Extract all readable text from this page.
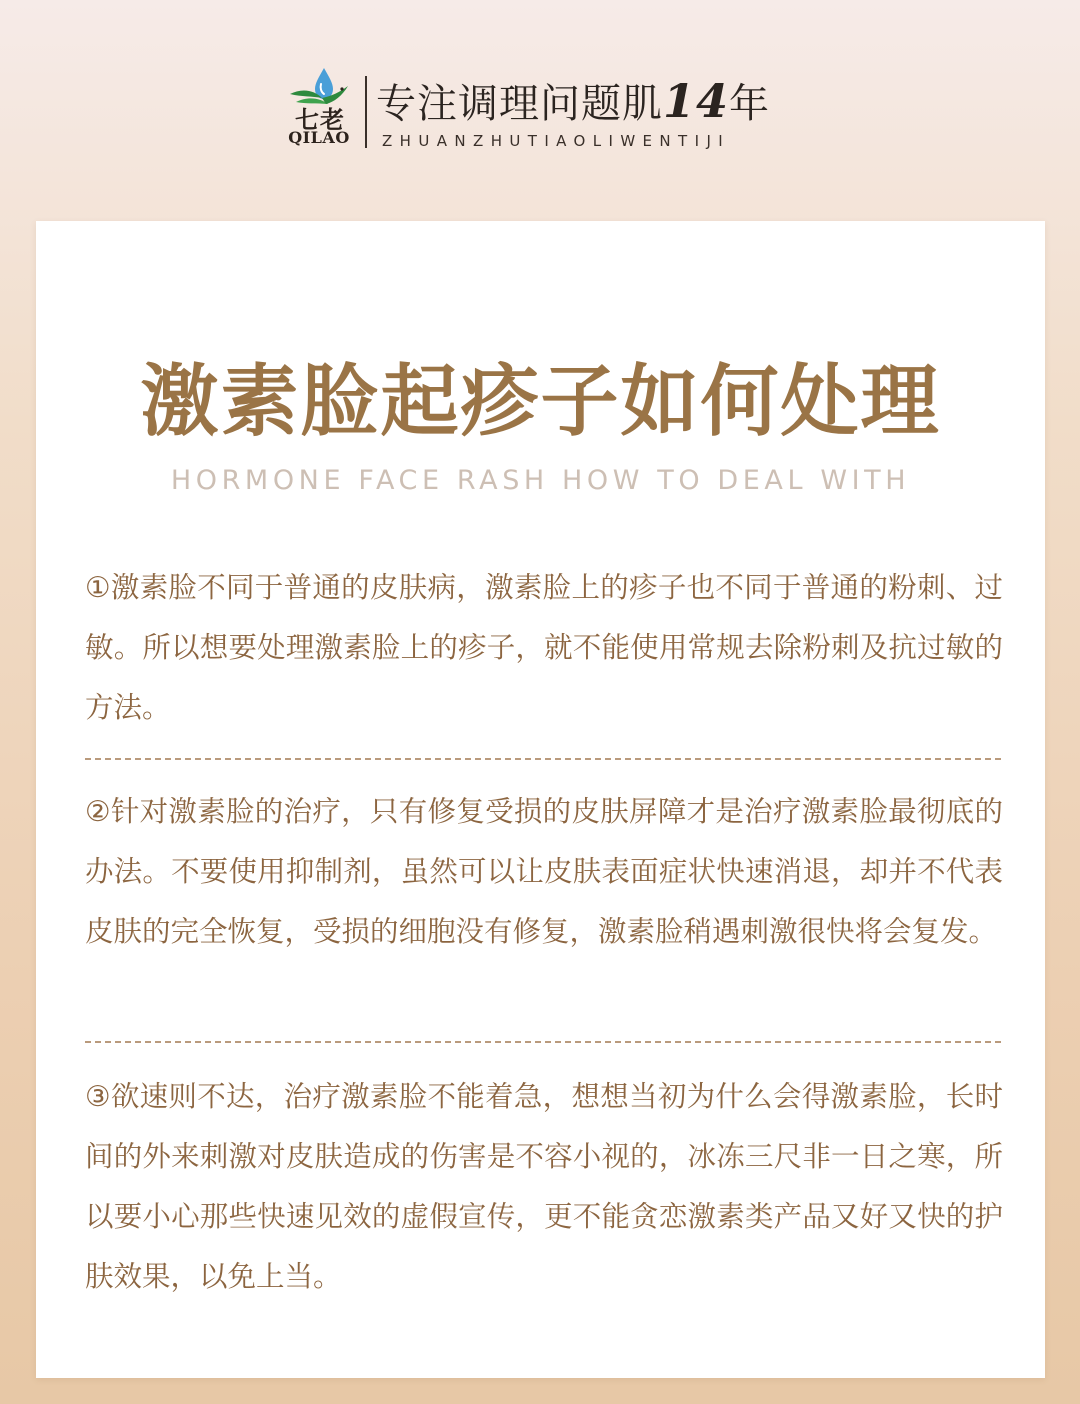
七老
QILAO
专注调理问题肌14年
ZHUANZHUTIAOLIWENTIJI
激素脸起疹子如何处理
HORMONE FACE RASH HOW TO DEAL WITH
①激素脸不同于普通的皮肤病，激素脸上的疹子也不同于普通的粉刺、过敏。所以想要处理激素脸上的疹子，就不能使用常规去除粉刺及抗过敏的方法。
②针对激素脸的治疗，只有修复受损的皮肤屏障才是治疗激素脸最彻底的办法。不要使用抑制剂，虽然可以让皮肤表面症状快速消退，却并不代表皮肤的完全恢复，受损的细胞没有修复，激素脸稍遇刺激很快将会复发。
③欲速则不达，治疗激素脸不能着急，想想当初为什么会得激素脸，长时间的外来刺激对皮肤造成的伤害是不容小视的，冰冻三尺非一日之寒，所以要小心那些快速见效的虚假宣传，更不能贪恋激素类产品又好又快的护肤效果，以免上当。
